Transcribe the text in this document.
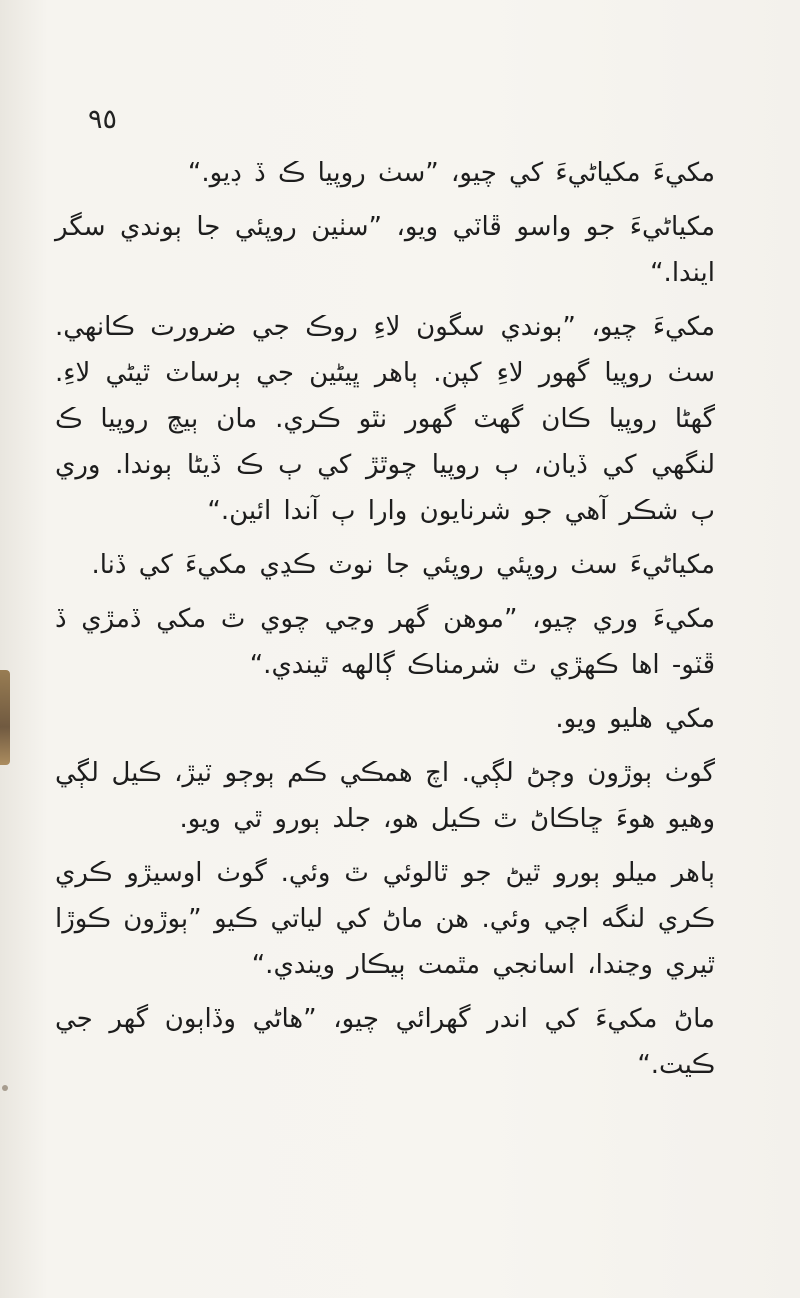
٩٥

مکيءَ مکياڻيءَ کي چيو، ”سٺ روپيا ڪ ڏ ڊيو.“

مکياڻيءَ جو واسو ڦاٽي ويو، ”سٺين روپئي جا ٻوندي سگر ايندا.“

مکيءَ چيو، ”ٻوندي سگون لاءِ روڪ جي ضرورت ڪانهي. سٺ روپيا گهور لاءِ کپن. ٻاهر ڀيڻين جي ٻرساٽ ٿيڻي لاءِ. گهڻا روپيا ڪان گهٽ گهور نٿو ڪري. مان ٻيچ روپيا ڪ لنگهي کي ڏيان، ٻ روپيا چوٿڙ کي ٻ ڪ ڏيڻا ٻوندا. وري ٻ شڪر آهي جو شرنايون وارا ٻ آندا ائين.“

مکياڻيءَ سٺ روپئي روپئي جا نوٽ ڪڍي مکيءَ کي ڏنا.

مکيءَ وري چيو، ”موهن گهر وڃي چوي ٿ مکي ڏمڙي ڏ ڦٽو- اها ڪهڙي ٿ شرمناڪ ڳالهه ٿيندي.“

مکي هليو ويو.

گوٺ ٻوڙون وڄڻ لڳي. اچ همڪي ڪم ٻوڄو ٽيڙ، ڪيل لڳي وهيو هوءَ ڇاڪاڻ ٿ ڪيل هو، جلد ٻورو ٿي ويو.

ٻاهر ميلو ٻورو ٿيڻ جو ٿالوئي ٿ وئي. گوٺ اوسيڙو ڪري ڪري لنگه اچي وئي. هن ماڻ کي لياتي ڪيو ”ٻوڙون ڪوڙا ٿيري وڃندا، اسانجي مٿمت ٻيڪار ويندي.“

ماڻ مکيءَ کي اندر گهرائي چيو، ”هاڻي وڏاٻون گهر جي ڪيت.“
